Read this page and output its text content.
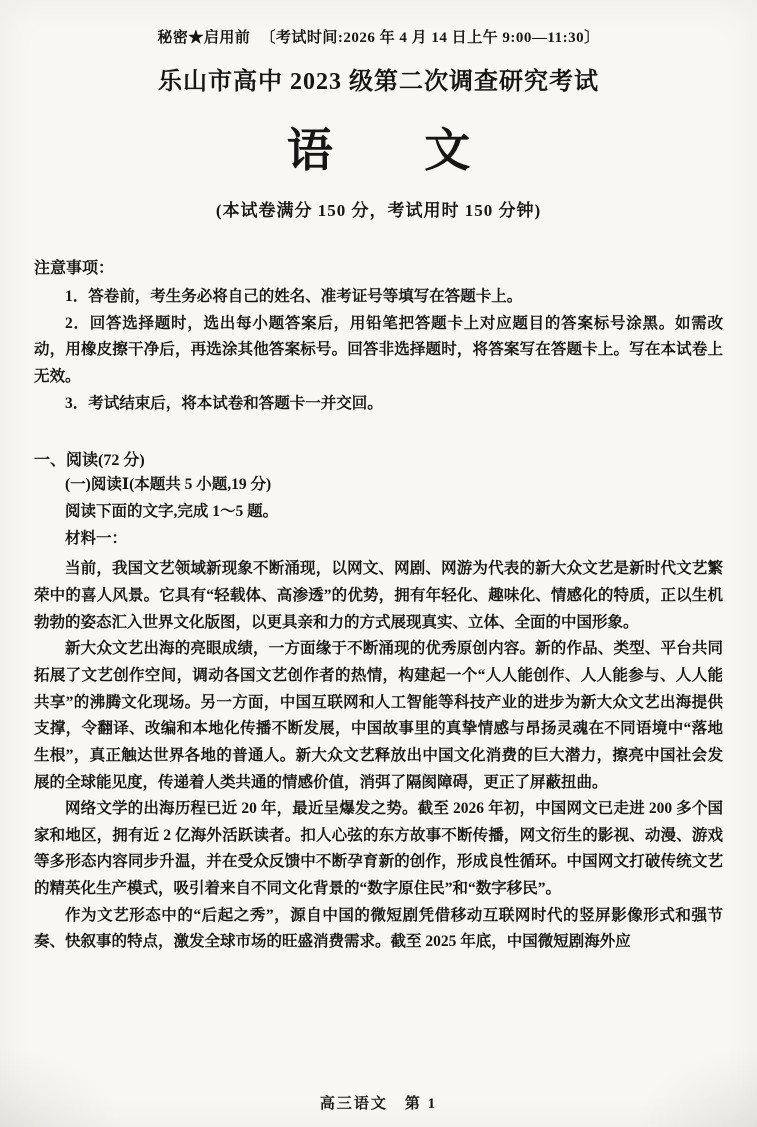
秘密★启用前 〔考试时间:2026 年 4 月 14 日上午 9:00—11:30〕
乐山市高中 2023 级第二次调查研究考试
语 文
(本试卷满分 150 分，考试用时 150 分钟)
注意事项：

1．答卷前，考生务必将自己的姓名、准考证号等填写在答题卡上。

2．回答选择题时，选出每小题答案后，用铅笔把答题卡上对应题目的答案标号涂黑。如需改动，用橡皮擦干净后，再选涂其他答案标号。回答非选择题时，将答案写在答题卡上。写在本试卷上无效。

3．考试结束后，将本试卷和答题卡一并交回。

一、阅读(72 分)
(一)阅读Ⅰ(本题共 5 小题,19 分)
阅读下面的文字,完成 1～5 题。
材料一：

当前，我国文艺领域新现象不断涌现，以网文、网剧、网游为代表的新大众文艺是新时代文艺繁荣中的喜人风景。它具有“轻载体、高渗透”的优势，拥有年轻化、趣味化、情感化的特质，正以生机勃勃的姿态汇入世界文化版图，以更具亲和力的方式展现真实、立体、全面的中国形象。

新大众文艺出海的亮眼成绩，一方面缘于不断涌现的优秀原创内容。新的作品、类型、平台共同拓展了文艺创作空间，调动各国文艺创作者的热情，构建起一个“人人能创作、人人能参与、人人能共享”的沸腾文化现场。另一方面，中国互联网和人工智能等科技产业的进步为新大众文艺出海提供支撑，令翻译、改编和本地化传播不断发展，中国故事里的真挚情感与昂扬灵魂在不同语境中“落地生根”，真正触达世界各地的普通人。新大众文艺释放出中国文化消费的巨大潜力，擦亮中国社会发展的全球能见度，传递着人类共通的情感价值，消弭了隔阂障碍，更正了屏蔽扭曲。

网络文学的出海历程已近 20 年，最近呈爆发之势。截至 2026 年初，中国网文已走进 200 多个国家和地区，拥有近 2 亿海外活跃读者。扣人心弦的东方故事不断传播，网文衍生的影视、动漫、游戏等多形态内容同步升温，并在受众反馈中不断孕育新的创作，形成良性循环。中国网文打破传统文艺的精英化生产模式，吸引着来自不同文化背景的“数字原住民”和“数字移民”。

作为文艺形态中的“后起之秀”，源自中国的微短剧凭借移动互联网时代的竖屏影像形式和强节奏、快叙事的特点，激发全球市场的旺盛消费需求。截至 2025 年底，中国微短剧海外应

高三语文　第 1
